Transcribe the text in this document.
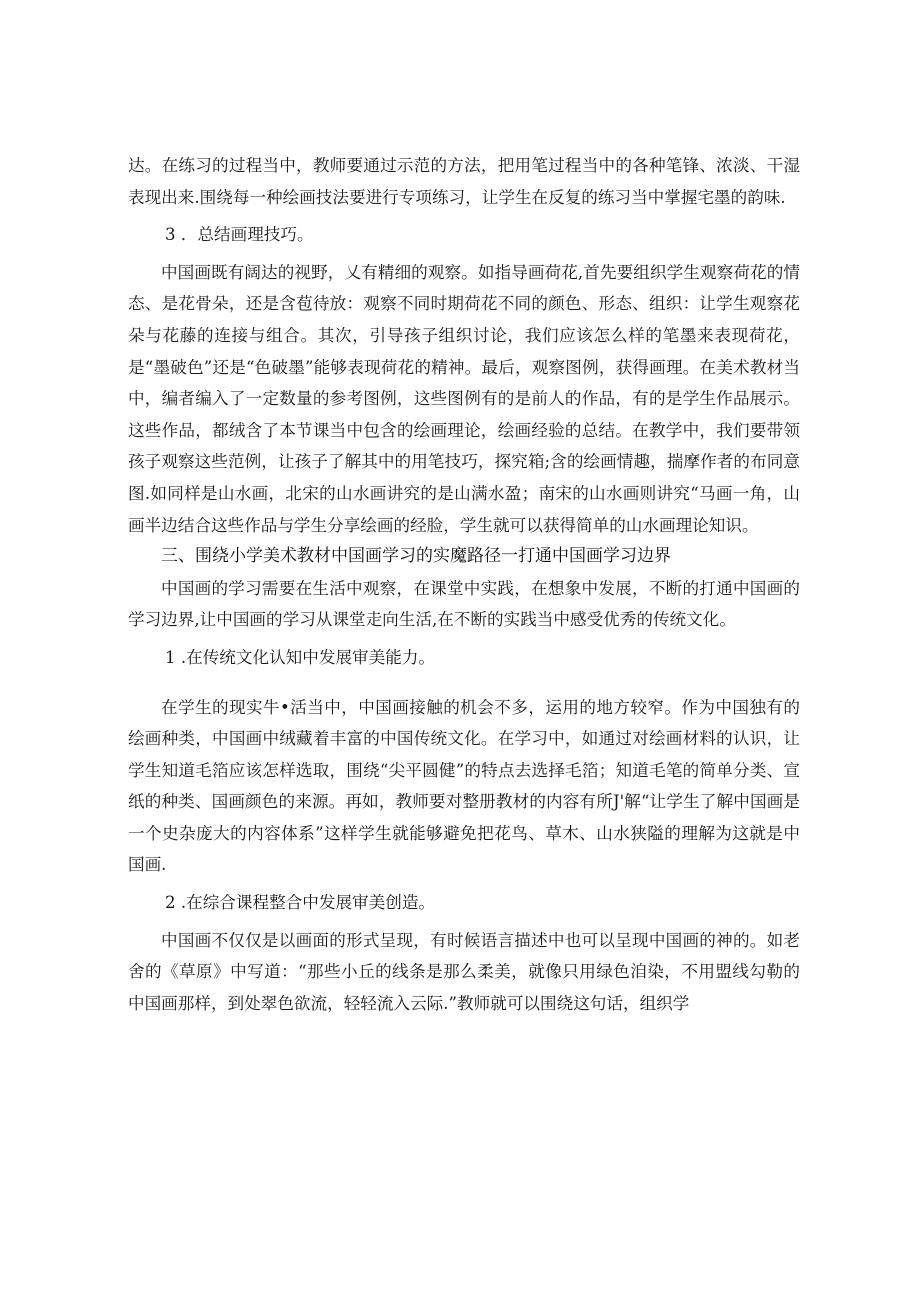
达。在练习的过程当中，教师要通过示范的方法，把用笔过程当中的各种笔锋、浓淡、干湿表现出来.围绕每一种绘画技法要进行专项练习，让学生在反复的练习当中掌握宅墨的韵味.

3 ．总结画理技巧。

中国画既有阔达的视野，乂有精细的观察。如指导画荷花,首先要组织学生观察荷花的情态、是花骨朵，还是含苞待放：观察不同时期荷花不同的颜色、形态、组织：让学生观察花朵与花藤的连接与组合。其次，引导孩子组织讨论，我们应该怎么样的笔墨来表现荷花，是“墨破色”还是“色破墨”能够表现荷花的精神。最后，观察图例，获得画理。在美术教材当中，编者编入了一定数量的参考图例，这些图例有的是前人的作品，有的是学生作品展示。这些作品，都绒含了本节课当中包含的绘画理论，绘画经验的总结。在教学中，我们要带领孩子观察这些范例，让孩子了解其中的用笔技巧，探究箱;含的绘画情趣，揣摩作者的布同意图.如同样是山水画，北宋的山水画讲究的是山满水盈；南宋的山水画则讲究“马画一角，山画半边结合这些作品与学生分享绘画的经脸，学生就可以获得简单的山水画理论知识。

三、围绕小学美术教材中国画学习的实魔路径一打通中国画学习边界

中国画的学习需要在生活中观察，在课堂中实践，在想象中发展，不断的打通中国画的学习边界,让中国画的学习从课堂走向生活,在不断的实践当中感受优秀的传统文化。

1 .在传统文化认知中发展审美能力。

在学生的现实牛•活当中，中国画接触的机会不多，运用的地方较窄。作为中国独有的绘画种类，中国画中绒藏着丰富的中国传统文化。在学习中，如通过对绘画材料的认识，让学生知道毛箔应该怎样选取，围绕“尖平圆健”的特点去选择毛箔；知道毛笔的简单分类、宣纸的种类、国画颜色的来源。再如，教师要对整册教材的内容有所J'解“让学生了解中国画是一个史杂庞大的内容体系”这样学生就能够避免把花鸟、草木、山水狭隘的理解为这就是中国画.

2 .在综合课程整合中发展审美创造。

中国画不仅仅是以画面的形式呈现，有时候语言描述中也可以呈现中国画的神的。如老舍的《草原》中写道：“那些小丘的线条是那么柔美，就像只用绿色洎染，不用盟线勾勒的中国画那样，到处翠色欲流，轻轻流入云际.”教师就可以围绕这句话，组织学
